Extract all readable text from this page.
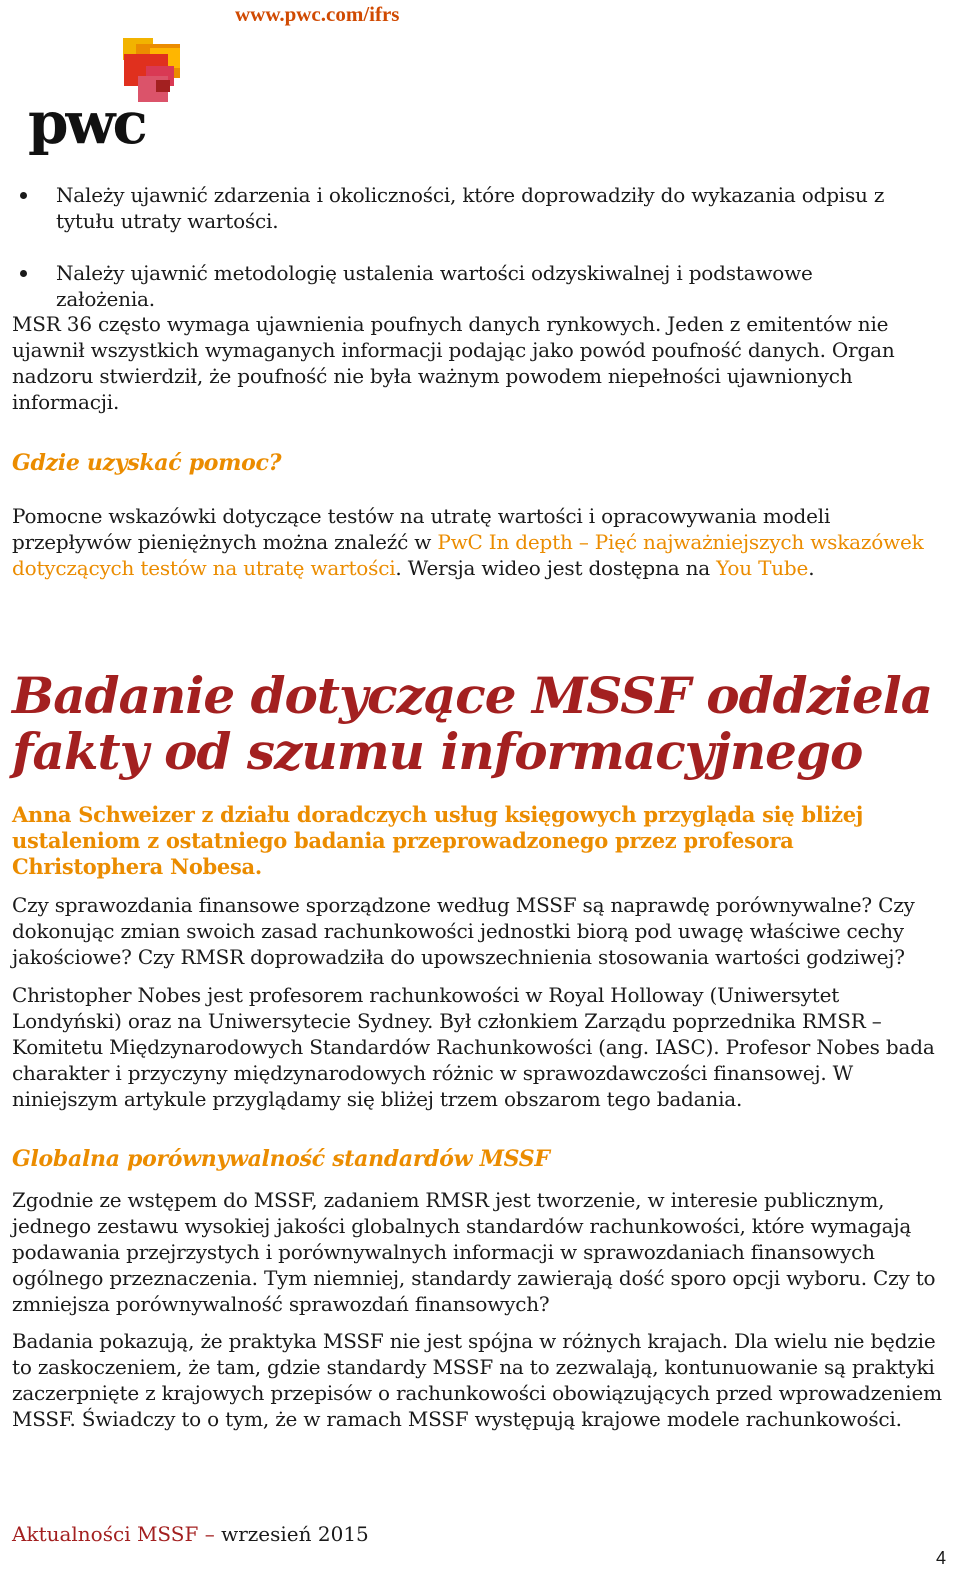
www.pwc.com/ifrs
pwc
Należy ujawnić zdarzenia i okoliczności, które doprowadziły do wykazania odpisu z tytułu utraty wartości.
Należy ujawnić metodologię ustalenia wartości odzyskiwalnej i podstawowe założenia.

MSR 36 często wymaga ujawnienia poufnych danych rynkowych. Jeden z emitentów nie ujawnił wszystkich wymaganych informacji podając jako powód poufność danych. Organ nadzoru stwierdził, że poufność nie była ważnym powodem niepełności ujawnionych informacji.

Gdzie uzyskać pomoc?

Pomocne wskazówki dotyczące testów na utratę wartości i opracowywania modeli przepływów pieniężnych można znaleźć w PwC In depth – Pięć najważniejszych wskazówek dotyczących testów na utratę wartości. Wersja wideo jest dostępna na You Tube.

Badanie dotyczące MSSF oddziela fakty od szumu informacyjnego

Anna Schweizer z działu doradczych usług księgowych przygląda się bliżej ustaleniom z ostatniego badania przeprowadzonego przez profesora Christophera Nobesa.

Czy sprawozdania finansowe sporządzone według MSSF są naprawdę porównywalne? Czy dokonując zmian swoich zasad rachunkowości jednostki biorą pod uwagę właściwe cechy jakościowe? Czy RMSR doprowadziła do upowszechnienia stosowania wartości godziwej?

Christopher Nobes jest profesorem rachunkowości w Royal Holloway (Uniwersytet Londyński) oraz na Uniwersytecie Sydney. Był członkiem Zarządu poprzednika RMSR – Komitetu Międzynarodowych Standardów Rachunkowości (ang. IASC). Profesor Nobes bada charakter i przyczyny międzynarodowych różnic w sprawozdawczości finansowej. W niniejszym artykule przyglądamy się bliżej trzem obszarom tego badania.

Globalna porównywalność standardów MSSF

Zgodnie ze wstępem do MSSF, zadaniem RMSR jest tworzenie, w interesie publicznym, jednego zestawu wysokiej jakości globalnych standardów rachunkowości, które wymagają podawania przejrzystych i porównywalnych informacji w sprawozdaniach finansowych ogólnego przeznaczenia. Tym niemniej, standardy zawierają dość sporo opcji wyboru. Czy to zmniejsza porównywalność sprawozdań finansowych?

Badania pokazują, że praktyka MSSF nie jest spójna w różnych krajach. Dla wielu nie będzie to zaskoczeniem, że tam, gdzie standardy MSSF na to zezwalają, kontunuowanie są praktyki zaczerpnięte z krajowych przepisów o rachunkowości obowiązujących przed wprowadzeniem MSSF. Świadczy to o tym, że w ramach MSSF występują krajowe modele rachunkowości.

Aktualności MSSF – wrzesień 2015
4
